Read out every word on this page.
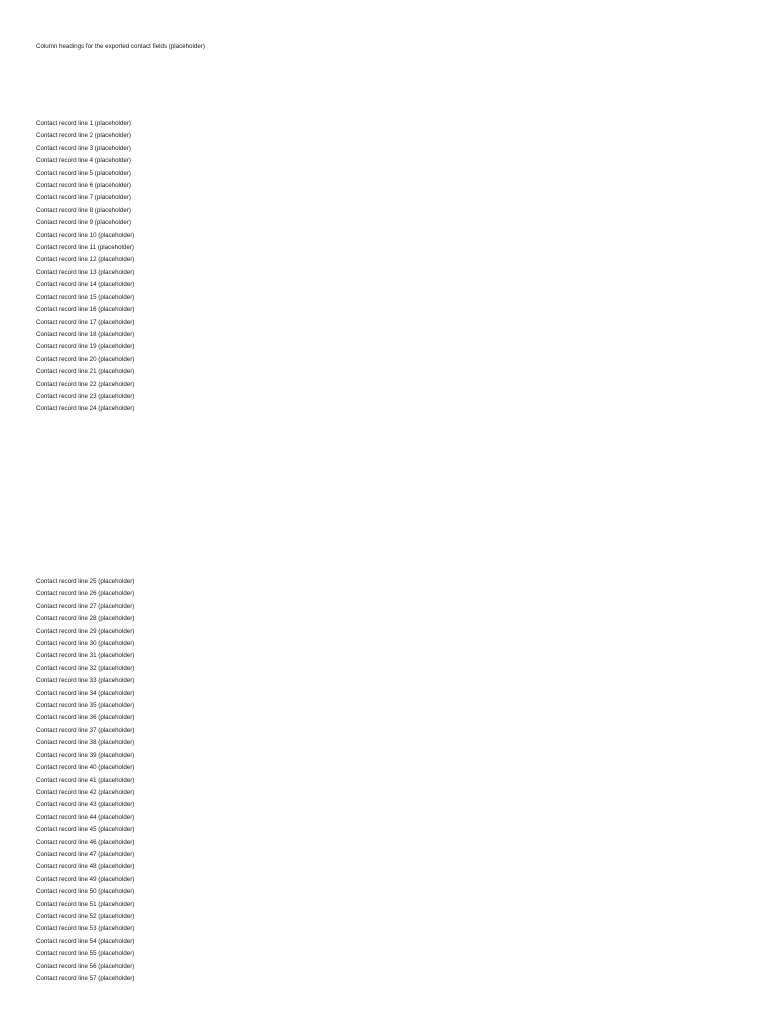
Column headings for the exported contact fields (placeholder)
Contact record line 1 (placeholder)
Contact record line 2 (placeholder)
Contact record line 3 (placeholder)
Contact record line 4 (placeholder)
Contact record line 5 (placeholder)
Contact record line 6 (placeholder)
Contact record line 7 (placeholder)
Contact record line 8 (placeholder)
Contact record line 9 (placeholder)
Contact record line 10 (placeholder)
Contact record line 11 (placeholder)
Contact record line 12 (placeholder)
Contact record line 13 (placeholder)
Contact record line 14 (placeholder)
Contact record line 15 (placeholder)
Contact record line 16 (placeholder)
Contact record line 17 (placeholder)
Contact record line 18 (placeholder)
Contact record line 19 (placeholder)
Contact record line 20 (placeholder)
Contact record line 21 (placeholder)
Contact record line 22 (placeholder)
Contact record line 23 (placeholder)
Contact record line 24 (placeholder)
Contact record line 25 (placeholder)
Contact record line 26 (placeholder)
Contact record line 27 (placeholder)
Contact record line 28 (placeholder)
Contact record line 29 (placeholder)
Contact record line 30 (placeholder)
Contact record line 31 (placeholder)
Contact record line 32 (placeholder)
Contact record line 33 (placeholder)
Contact record line 34 (placeholder)
Contact record line 35 (placeholder)
Contact record line 36 (placeholder)
Contact record line 37 (placeholder)
Contact record line 38 (placeholder)
Contact record line 39 (placeholder)
Contact record line 40 (placeholder)
Contact record line 41 (placeholder)
Contact record line 42 (placeholder)
Contact record line 43 (placeholder)
Contact record line 44 (placeholder)
Contact record line 45 (placeholder)
Contact record line 46 (placeholder)
Contact record line 47 (placeholder)
Contact record line 48 (placeholder)
Contact record line 49 (placeholder)
Contact record line 50 (placeholder)
Contact record line 51 (placeholder)
Contact record line 52 (placeholder)
Contact record line 53 (placeholder)
Contact record line 54 (placeholder)
Contact record line 55 (placeholder)
Contact record line 56 (placeholder)
Contact record line 57 (placeholder)
